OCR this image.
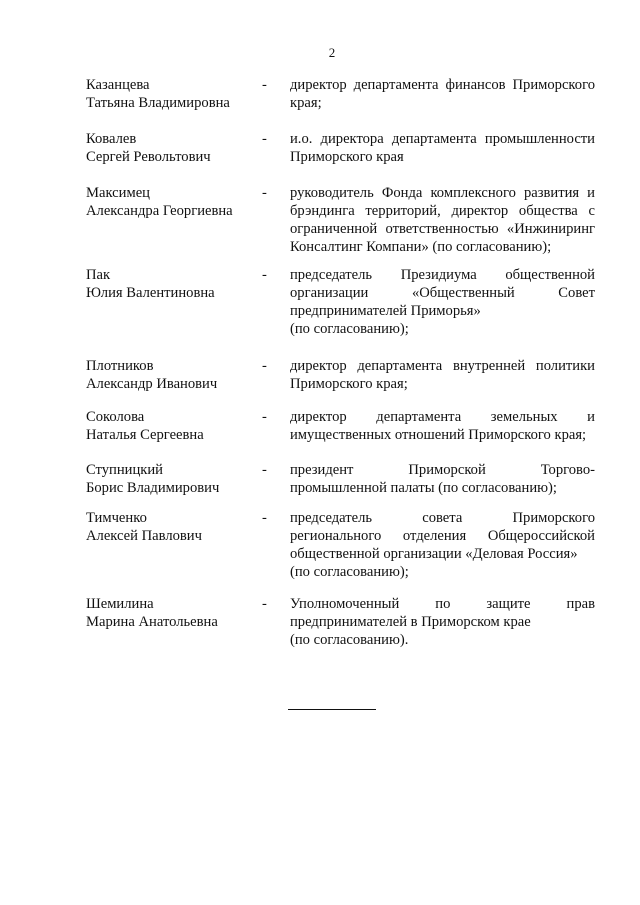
2
Казанцева
Татьяна Владимировна
- директор департамента финансов Приморского
края;
Ковалев
Сергей Револьтович
- и.о. директора департамента промышленности
Приморского края
Максимец
Александра Георгиевна
- руководитель Фонда комплексного развития и
брэндинга территорий, директор общества с
ограниченной ответственностью «Инжиниринг
Консалтинг Компани» (по согласованию);
Пак
Юлия Валентиновна
- председатель Президиума общественной
организации «Общественный Совет
предпринимателей Приморья»
(по согласованию);
Плотников
Александр Иванович
- директор департамента внутренней политики
Приморского края;
Соколова
Наталья Сергеевна
- директор департамента земельных и
имущественных отношений Приморского края;
Ступницкий
Борис Владимирович
- президент Приморской Торгово-
промышленной палаты (по согласованию);
Тимченко
Алексей Павлович
- председатель совета Приморского
регионального отделения Общероссийской
общественной организации «Деловая Россия»
(по согласованию);
Шемилина
Марина Анатольевна
- Уполномоченный по защите прав
предпринимателей в Приморском крае
(по согласованию).
